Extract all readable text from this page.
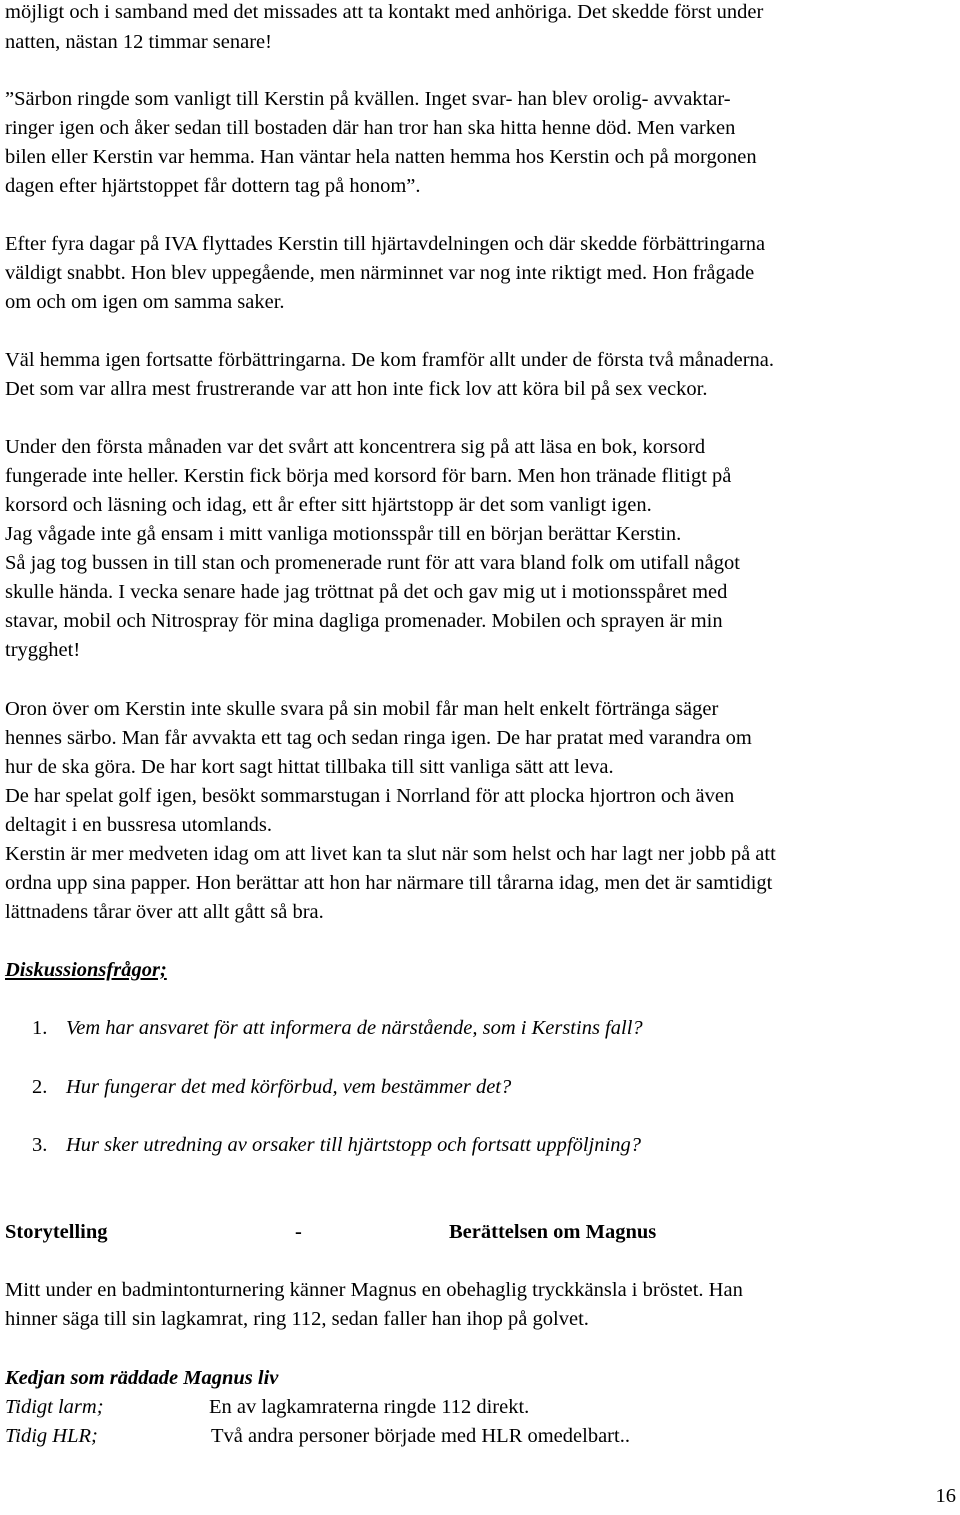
möjligt och i samband med det missades att ta kontakt med anhöriga. Det skedde först under
natten, nästan 12 timmar senare!
”Särbon ringde som vanligt till Kerstin på kvällen. Inget svar- han blev orolig- avvaktar-
ringer igen och åker sedan till bostaden där han tror han ska hitta henne död. Men varken
bilen eller Kerstin var hemma. Han väntar hela natten hemma hos Kerstin och på morgonen
dagen efter hjärtstoppet får dottern tag på honom”.
Efter fyra dagar på IVA flyttades Kerstin till hjärtavdelningen och där skedde förbättringarna
väldigt snabbt. Hon blev uppegående, men närminnet var nog inte riktigt med. Hon frågade
om och om igen om samma saker.
Väl hemma igen fortsatte förbättringarna. De kom framför allt under de första två månaderna.
Det som var allra mest frustrerande var att hon inte fick lov att köra bil på sex veckor.
Under den första månaden var det svårt att koncentrera sig på att läsa en bok, korsord
fungerade inte heller. Kerstin fick börja med korsord för barn. Men hon tränade flitigt på
korsord och läsning och idag, ett år efter sitt hjärtstopp är det som vanligt igen.
Jag vågade inte gå ensam i mitt vanliga motionsspår till en början berättar Kerstin.
Så jag tog bussen in till stan och promenerade runt för att vara bland folk om utifall något
skulle hända. I vecka senare hade jag tröttnat på det och gav mig ut i motionsspåret med
stavar, mobil och Nitrospray för mina dagliga promenader. Mobilen och sprayen är min
trygghet!
Oron över om Kerstin inte skulle svara på sin mobil får man helt enkelt förtränga säger
hennes särbo. Man får avvakta ett tag och sedan ringa igen. De har pratat med varandra om
hur de ska göra. De har kort sagt hittat tillbaka till sitt vanliga sätt att leva.
De har spelat golf igen, besökt sommarstugan i Norrland för att plocka hjortron och även
deltagit i en bussresa utomlands.
Kerstin är mer medveten idag om att livet kan ta slut när som helst och har lagt ner jobb på att
ordna upp sina papper. Hon berättar att hon har närmare till tårarna idag, men det är samtidigt
lättnadens tårar över att allt gått så bra.
Diskussionsfrågor;
1. Vem har ansvaret för att informera de närstående, som i Kerstins fall?
2. Hur fungerar det med körförbud, vem bestämmer det?
3. Hur sker utredning av orsaker till hjärtstopp och fortsatt uppföljning?
Storytelling	-	Berättelsen om Magnus
Mitt under en badmintonturnering känner Magnus en obehaglig tryckkänsla i bröstet. Han
hinner säga till sin lagkamrat, ring 112, sedan faller han ihop på golvet.
Kedjan som räddade Magnus liv
Tidigt larm;	En av lagkamraterna ringde 112 direkt.
Tidig HLR;	Två andra personer började med HLR omedelbart..
16
